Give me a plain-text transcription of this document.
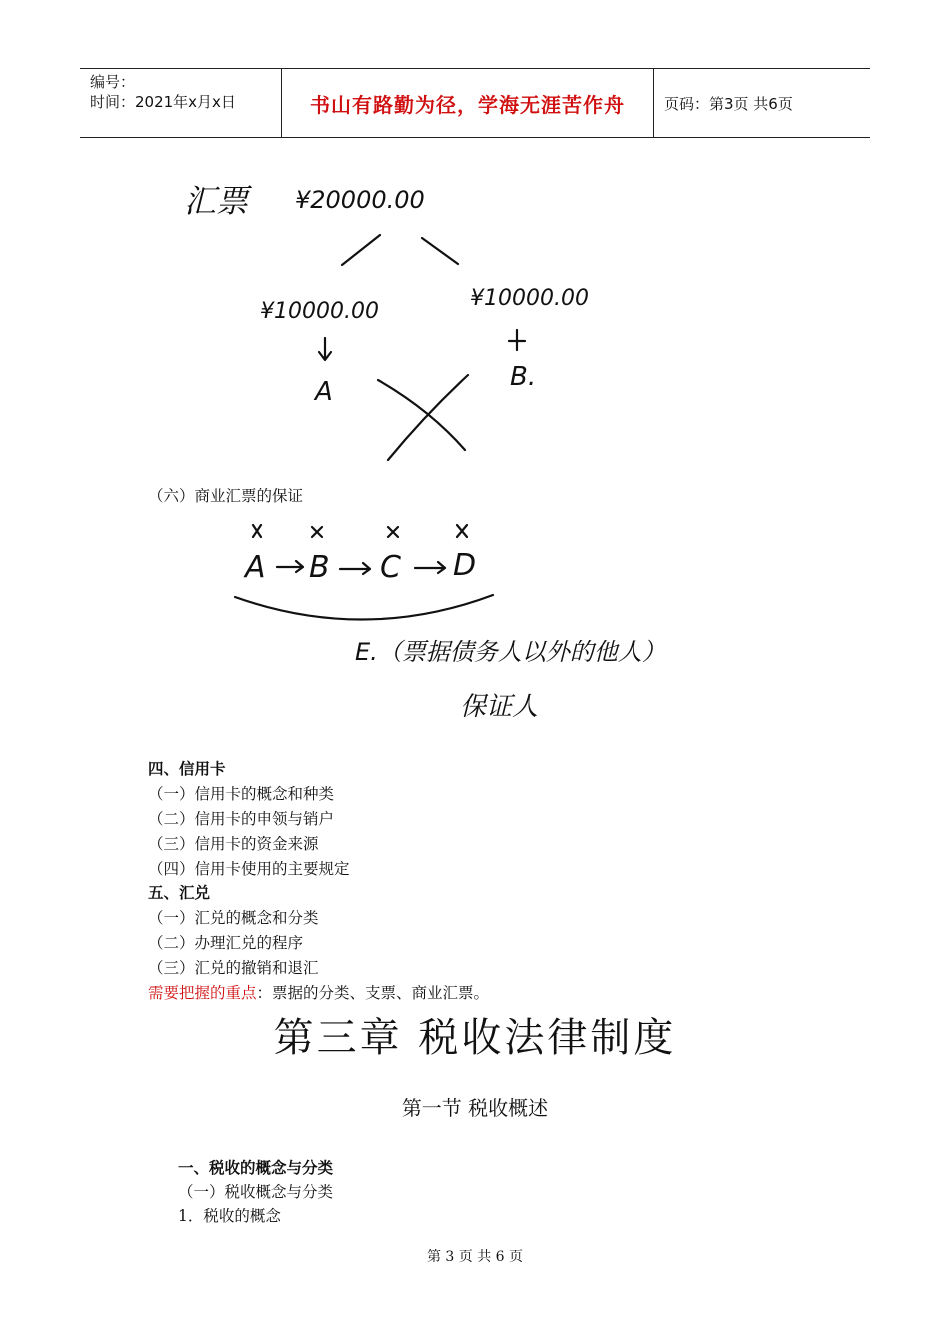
编号：
时间：2021年x月x日	书山有路勤为径，学海无涯苦作舟	页码：第3页 共6页
汇票 ¥20000.00
¥10000.00
¥10000.00
A	B.
（六）商业汇票的保证
A B C D
E.（票据债务人以外的他人）
保证人
四、信用卡
（一）信用卡的概念和种类
（二）信用卡的申领与销户
（三）信用卡的资金来源
（四）信用卡使用的主要规定
五、汇兑
（一）汇兑的概念和分类
（二）办理汇兑的程序
（三）汇兑的撤销和退汇
需要把握的重点：票据的分类、支票、商业汇票。
第三章 税收法律制度
第一节 税收概述
一、税收的概念与分类
（一）税收概念与分类
1．税收的概念
第 3 页 共 6 页
